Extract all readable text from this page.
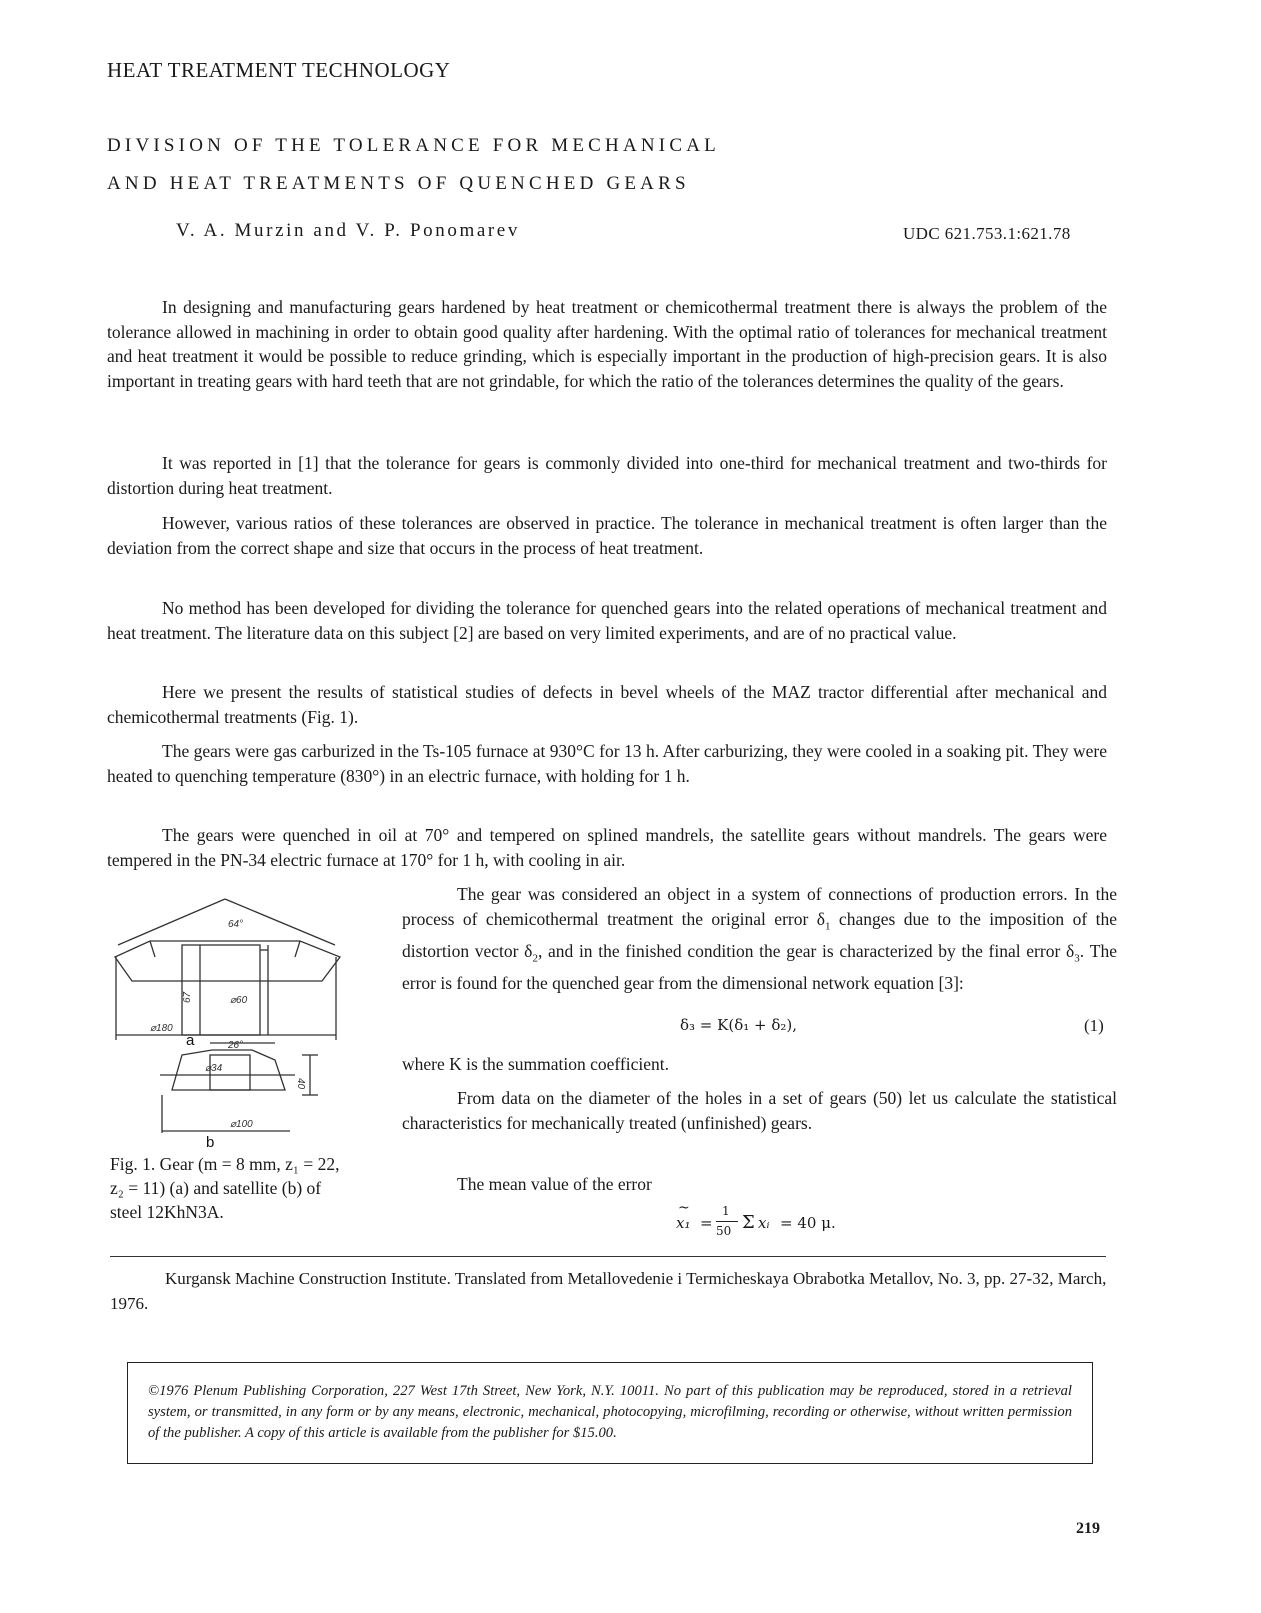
HEAT TREATMENT TECHNOLOGY
DIVISION OF THE TOLERANCE FOR MECHANICAL
AND HEAT TREATMENTS OF QUENCHED GEARS
V. A. Murzin and V. P. Ponomarev	UDC 621.753.1:621.78

In designing and manufacturing gears hardened by heat treatment or chemicothermal treatment there is always the problem of the tolerance allowed in machining in order to obtain good quality after hardening. With the optimal ratio of tolerances for mechanical treatment and heat treatment it would be possible to reduce grinding, which is especially important in the production of high-precision gears. It is also important in treating gears with hard teeth that are not grindable, for which the ratio of the tolerances determines the quality of the gears.

It was reported in [1] that the tolerance for gears is commonly divided into one-third for mechanical treatment and two-thirds for distortion during heat treatment.

However, various ratios of these tolerances are observed in practice. The tolerance in mechanical treatment is often larger than the deviation from the correct shape and size that occurs in the process of heat treatment.

No method has been developed for dividing the tolerance for quenched gears into the related operations of mechanical treatment and heat treatment. The literature data on this subject [2] are based on very limited experiments, and are of no practical value.

Here we present the results of statistical studies of defects in bevel wheels of the MAZ tractor differential after mechanical and chemicothermal treatments (Fig. 1).

The gears were gas carburized in the Ts-105 furnace at 930°C for 13 h. After carburizing, they were cooled in a soaking pit. They were heated to quenching temperature (830°) in an electric furnace, with holding for 1 h.

The gears were quenched in oil at 70° and tempered on splined mandrels, the satellite gears without mandrels. The gears were tempered in the PN-34 electric furnace at 170° for 1 h, with cooling in air.

64°
67	⌀60
⌀180
26°
⌀34
40
⌀100
a
b

Fig. 1. Gear (m = 8 mm, z₁ = 22, z₂ = 11) (a) and satellite (b) of steel 12KhN3A.

The gear was considered an object in a system of connections of production errors. In the process of chemicothermal treatment the original error $\delta_1$ changes due to the imposition of the distortion vector $\delta_2$, and in the finished condition the gear is characterized by the final error $\delta_3$. The error is found for the quenched gear from the dimensional network equation [3]:

δ₃ = K(δ₁ + δ₂),	(1)

where K is the summation coefficient.

From data on the diameter of the holes in a set of gears (50) let us calculate the statistical characteristics for mechanically treated (unfinished) gears.

The mean value of the error

~
x₁ =
1
50 Σ xᵢ = 40 μ.

Kurgansk Machine Construction Institute. Translated from Metallovedenie i Termicheskaya Obrabotka Metallov, No. 3, pp. 27-32, March, 1976.

©1976 Plenum Publishing Corporation, 227 West 17th Street, New York, N.Y. 10011. No part of this publication may be reproduced, stored in a retrieval system, or transmitted, in any form or by any means, electronic, mechanical, photocopying, microfilming, recording or otherwise, without written permission of the publisher. A copy of this article is available from the publisher for $15.00.

219
